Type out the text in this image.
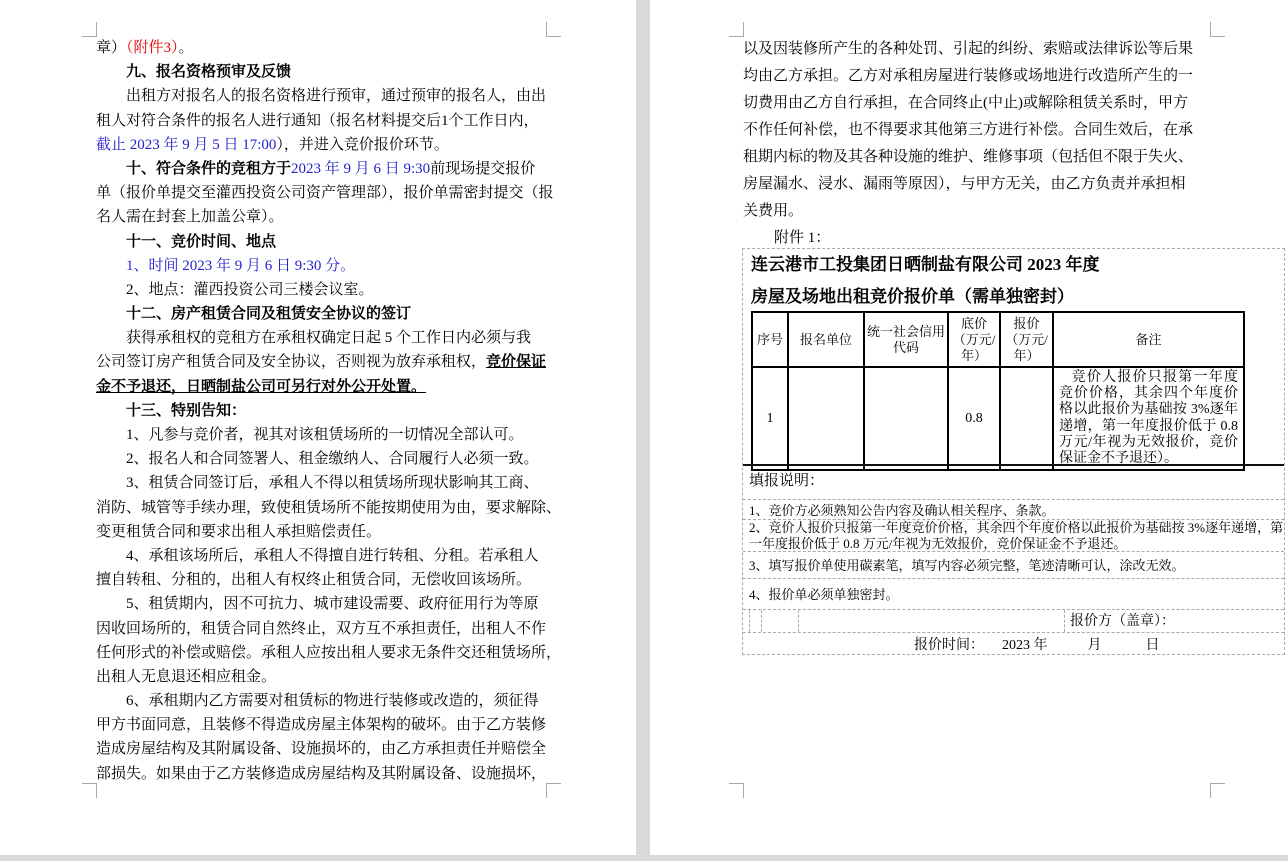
章）（附件3）。
九、报名资格预审及反馈
出租方对报名人的报名资格进行预审，通过预审的报名人，由出
租人对符合条件的报名人进行通知（报名材料提交后1个工作日内，
截止 2023 年 9 月 5 日 17:00），并进入竞价报价环节。
十、符合条件的竞租方于2023 年 9 月 6 日 9:30前现场提交报价
单（报价单提交至灌西投资公司资产管理部），报价单需密封提交（报
名人需在封套上加盖公章）。
十一、竞价时间、地点
1、时间 2023 年 9 月 6 日 9:30 分。
2、地点：灌西投资公司三楼会议室。
十二、房产租赁合同及租赁安全协议的签订
获得承租权的竞租方在承租权确定日起 5 个工作日内必须与我
公司签订房产租赁合同及安全协议，否则视为放弃承租权，竞价保证
金不予退还，日晒制盐公司可另行对外公开处置。
十三、特别告知：
1、凡参与竞价者，视其对该租赁场所的一切情况全部认可。
2、报名人和合同签署人、租金缴纳人、合同履行人必须一致。
3、租赁合同签订后，承租人不得以租赁场所现状影响其工商、
消防、城管等手续办理，致使租赁场所不能按期使用为由，要求解除、
变更租赁合同和要求出租人承担赔偿责任。
4、承租该场所后，承租人不得擅自进行转租、分租。若承租人
擅自转租、分租的，出租人有权终止租赁合同，无偿收回该场所。
5、租赁期内，因不可抗力、城市建设需要、政府征用行为等原
因收回场所的，租赁合同自然终止，双方互不承担责任，出租人不作
任何形式的补偿或赔偿。承租人应按出租人要求无条件交还租赁场所，
出租人无息退还相应租金。
6、承租期内乙方需要对租赁标的物进行装修或改造的，须征得
甲方书面同意，且装修不得造成房屋主体架构的破坏。由于乙方装修
造成房屋结构及其附属设备、设施损坏的，由乙方承担责任并赔偿全
部损失。如果由于乙方装修造成房屋结构及其附属设备、设施损坏，
以及因装修所产生的各种处罚、引起的纠纷、索赔或法律诉讼等后果
均由乙方承担。乙方对承租房屋进行装修或场地进行改造所产生的一
切费用由乙方自行承担，在合同终止(中止)或解除租赁关系时，甲方
不作任何补偿，也不得要求其他第三方进行补偿。合同生效后，在承
租期内标的物及其各种设施的维护、维修事项（包括但不限于失火、
房屋漏水、浸水、漏雨等原因），与甲方无关，由乙方负责并承担相
关费用。
附件 1：
连云港市工投集团日晒制盐有限公司 2023 年度
房屋及场地出租竞价报价单（需单独密封）
序号	报名单位	统一社会信用代码	底价（万元/年）	报价（万元/年）	备注
1			0.8		竞价人报价只报第一年度竞价价格，其余四个年度价格以此报价为基础按 3%逐年递增，第一年度报价低于 0.8 万元/年视为无效报价，竞价保证金不予退还）。
填报说明：
1、竞价方必须熟知公告内容及确认相关程序、条款。
2、竞价人报价只报第一年度竞价价格，其余四个年度价格以此报价为基础按 3%逐年递增，第一年度报价低于 0.8 万元/年视为无效报价，竞价保证金不予退还。
3、填写报价单使用碳素笔，填写内容必须完整，笔迹清晰可认，涂改无效。
4、报价单必须单独密封。
报价方（盖章）：
报价时间： 2023 年	月	日
